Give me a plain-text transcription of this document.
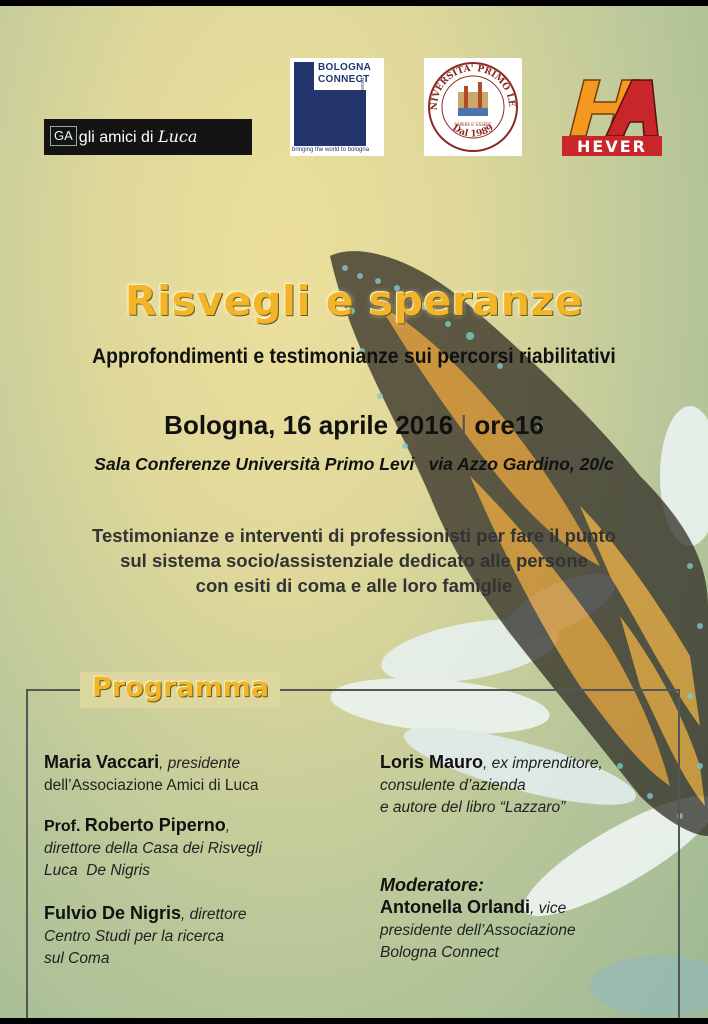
GA gli amici di Luca
BOLOGNA
CONNECT
bringing the world to bologna
bringing bologna to the world	NIVERSITA' PRIMO LE
Dal 1989
SAPERE E' ESSERE
HEVER
Risvegli e speranze
Approfondimenti e testimonianze sui percorsi riabilitativi
Bologna, 16 aprile 2016 | ore16
Sala Conferenze Università Primo Levi | via Azzo Gardino, 20/c
Testimonianze e interventi di professionisti per fare il punto
sul sistema socio/assistenziale dedicato alle persone
con esiti di coma e alle loro famiglie
Programma
Maria Vaccari, presidente
dell’Associazione Amici di Luca
Prof. Roberto Piperno,
direttore della Casa dei Risvegli
Luca  De Nigris
Fulvio De Nigris, direttore
Centro Studi per la ricerca
sul Coma
Loris Mauro, ex imprenditore,
consulente d’azienda
e autore del libro “Lazzaro”
Moderatore:
Antonella Orlandi, vice
presidente dell’Associazione
Bologna Connect
